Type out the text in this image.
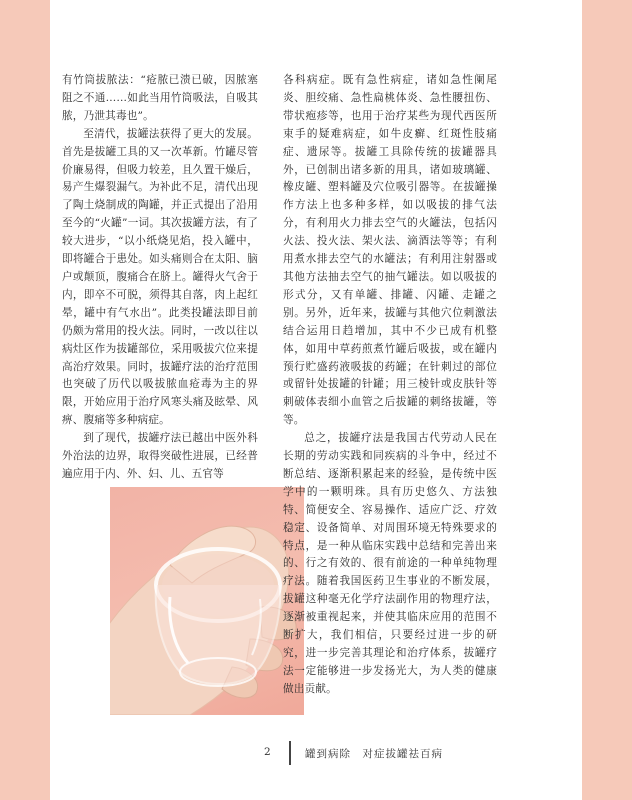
有竹筒拔脓法：“疮脓已溃已破，因脓塞阻之不通……如此当用竹筒吸法，自吸其脓，乃泄其毒也”。

至清代，拔罐法获得了更大的发展。首先是拔罐工具的又一次革新。竹罐尽管价廉易得，但吸力较差，且久置干燥后，易产生爆裂漏气。为补此不足，清代出现了陶土烧制成的陶罐，并正式提出了沿用至今的“火罐”一词。其次拔罐方法，有了较大进步，“以小纸烧见焰，投入罐中，即将罐合于患处。如头痛则合在太阳、脑户或颠顶，腹痛合在脐上。罐得火气舍于内，即卒不可脱，须得其自落，肉上起红晕，罐中有气水出”。此类投罐法即目前仍颇为常用的投火法。同时，一改以往以病灶区作为拔罐部位，采用吸拔穴位来提高治疗效果。同时，拔罐疗法的治疗范围也突破了历代以吸拔脓血疮毒为主的界限，开始应用于治疗风寒头痛及眩晕、风痹、腹痛等多种病症。

到了现代，拔罐疗法已越出中医外科外治法的边界，取得突破性进展，已经普遍应用于内、外、妇、儿、五官等

各科病症。既有急性病症，诸如急性阑尾炎、胆绞痛、急性扁桃体炎、急性腰扭伤、带状疱疹等，也用于治疗某些为现代西医所束手的疑难病症，如牛皮癣、红斑性肢痛症、遗尿等。拔罐工具除传统的拔罐器具外，已创制出诸多新的用具，诸如玻璃罐、橡皮罐、塑料罐及穴位吸引器等。在拔罐操作方法上也多种多样，如以吸拔的排气法分，有利用火力排去空气的火罐法，包括闪火法、投火法、架火法、滴酒法等等；有利用煮水排去空气的水罐法；有利用注射器或其他方法抽去空气的抽气罐法。如以吸拔的形式分，又有单罐、排罐、闪罐、走罐之别。另外，近年来，拔罐与其他穴位刺激法结合运用日趋增加，其中不少已成有机整体，如用中草药煎煮竹罐后吸拔，或在罐内预行贮盛药液吸拔的药罐；在针刺过的部位或留针处拔罐的针罐；用三棱针或皮肤针等刺破体表细小血管之后拔罐的刺络拔罐，等等。

总之，拔罐疗法是我国古代劳动人民在长期的劳动实践和同疾病的斗争中，经过不断总结、逐渐积累起来的经验，是传统中医学中的一颗明珠。具有历史悠久、方法独特、简便安全、容易操作、适应广泛、疗效稳定、设备简单、对周围环境无特殊要求的特点，是一种从临床实践中总结和完善出来的、行之有效的、很有前途的一种单纯物理疗法。随着我国医药卫生事业的不断发展，拔罐这种毫无化学疗法副作用的物理疗法，逐渐被重视起来，并使其临床应用的范围不断扩大，我们相信，只要经过进一步的研究，进一步完善其理论和治疗体系，拔罐疗法一定能够进一步发扬光大，为人类的健康做出贡献。

2	罐到病除　对症拔罐祛百病
